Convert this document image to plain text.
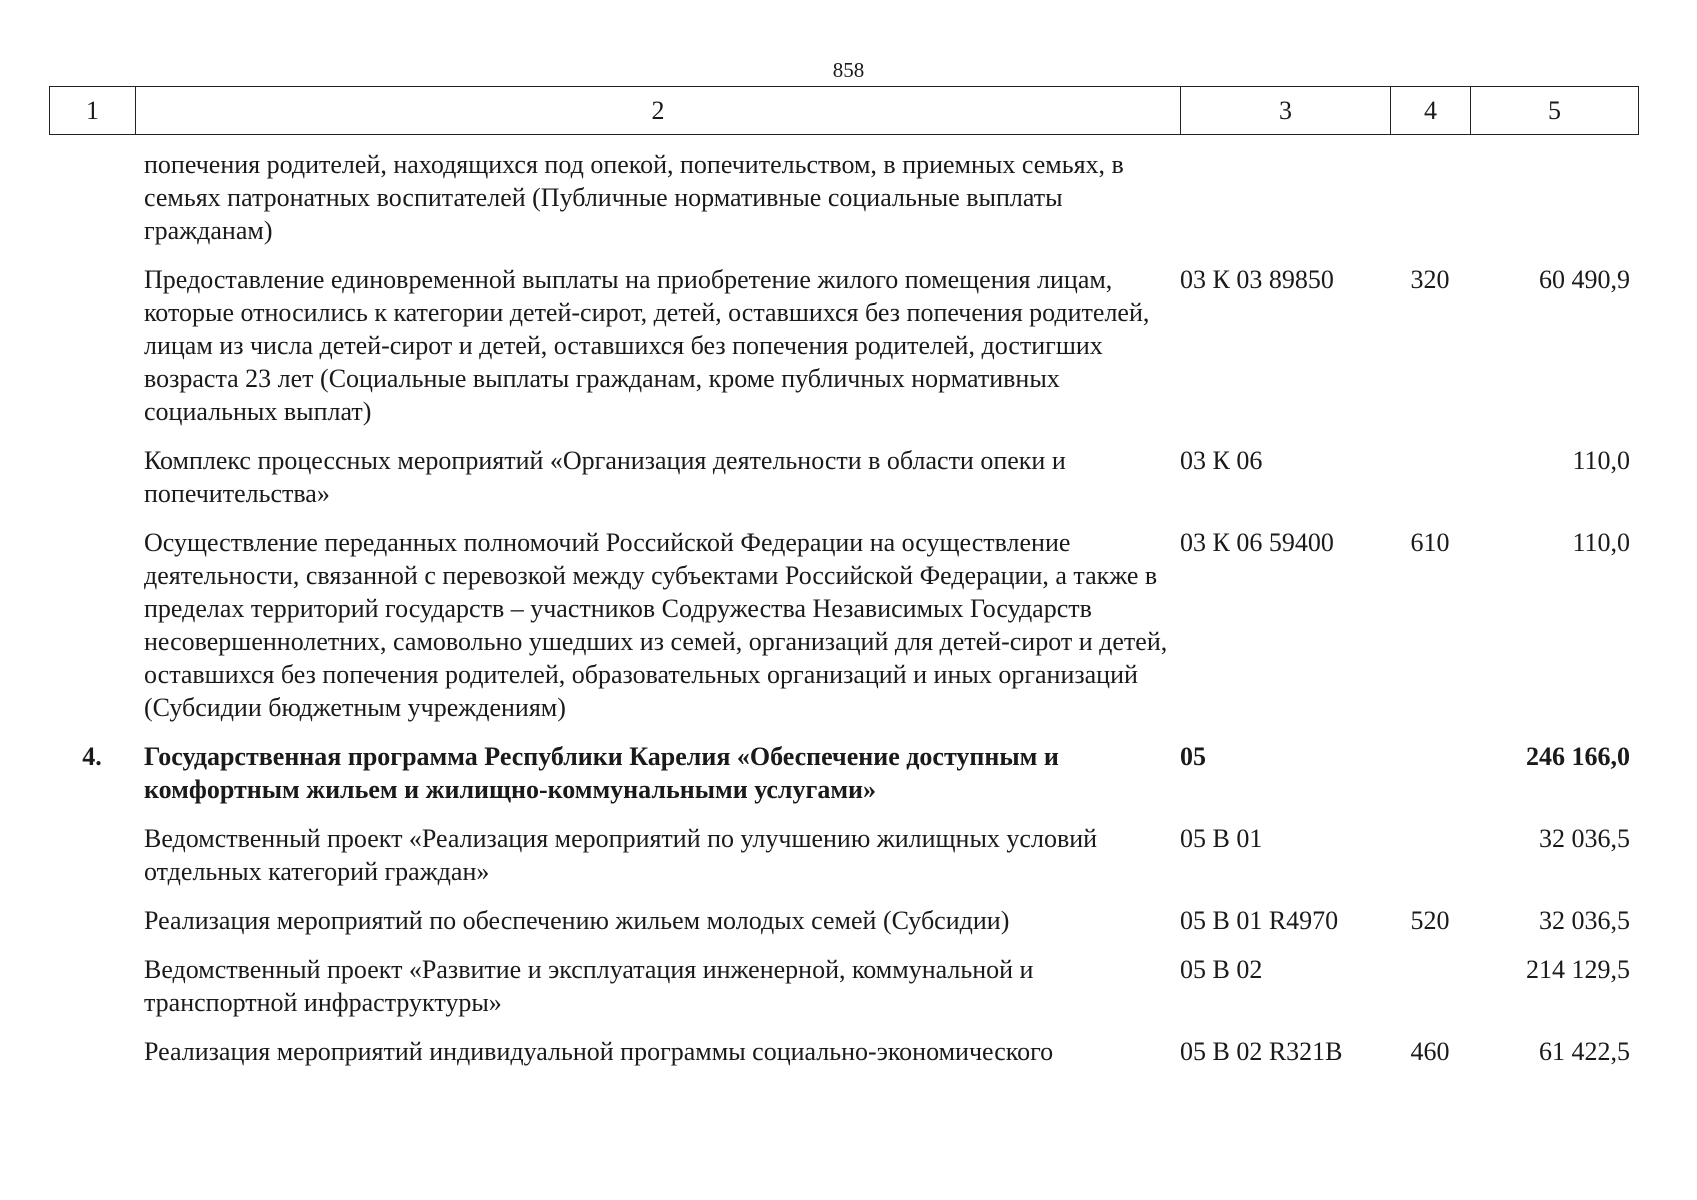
858
1	2	3	4	5
	попечения родителей, находящихся под опекой, попечительством, в приемных семьях, в семьях патронатных воспитателей (Публичные нормативные социальные выплаты гражданам)			
	Предоставление единовременной выплаты на приобретение жилого помещения лицам, которые относились к категории детей-сирот, детей, оставшихся без попечения родителей, лицам из числа детей-сирот и детей, оставшихся без попечения родителей, достигших возраста 23 лет (Социальные выплаты гражданам, кроме публичных нормативных социальных выплат)	03 К 03 89850	320	60 490,9
	Комплекс процессных мероприятий «Организация деятельности в области опеки и попечительства»	03 К 06		110,0
	Осуществление переданных полномочий Российской Федерации на осуществление деятельности, связанной с перевозкой между субъектами Российской Федерации, а также в пределах территорий государств – участников Содружества Независимых Государств несовершеннолетних, самовольно ушедших из семей, организаций для детей-сирот и детей, оставшихся без попечения родителей, образовательных организаций и иных организаций (Субсидии бюджетным учреждениям)	03 К 06 59400	610	110,0
4.	Государственная программа Республики Карелия «Обеспечение доступным и комфортным жильем и жилищно-коммунальными услугами»	05		246 166,0
	Ведомственный проект «Реализация мероприятий по улучшению жилищных условий отдельных категорий граждан»	05 В 01		32 036,5
	Реализация мероприятий по обеспечению жильем молодых семей (Субсидии)	05 В 01 R4970	520	32 036,5
	Ведомственный проект «Развитие и эксплуатация инженерной, коммунальной и транспортной инфраструктуры»	05 В 02		214 129,5
	Реализация мероприятий индивидуальной программы социально-экономического	05 В 02 R321B	460	61 422,5
